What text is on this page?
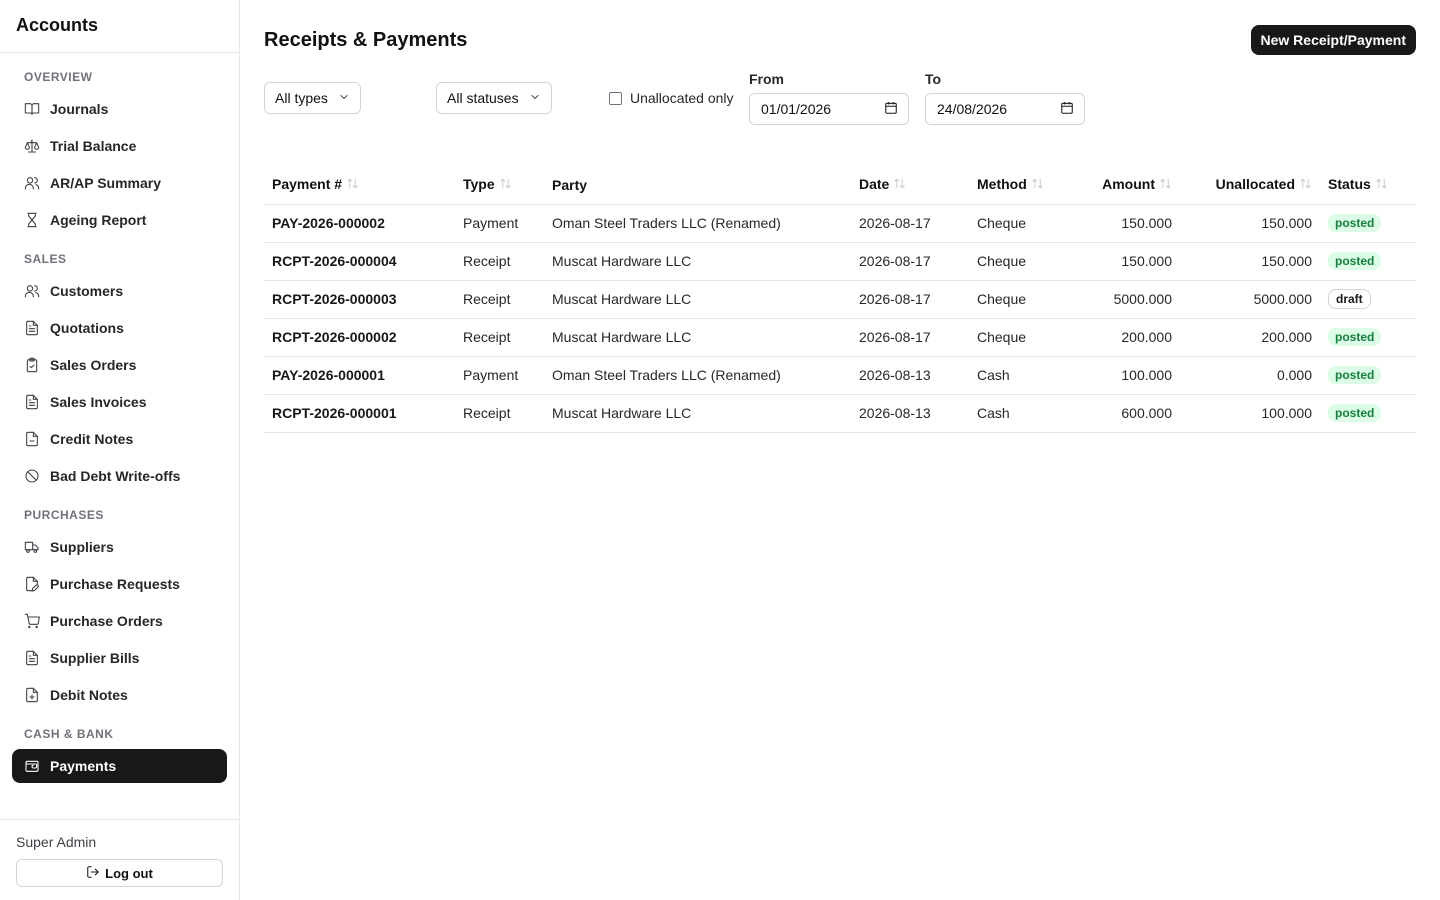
Accounts
OVERVIEW
Journals
Trial Balance
AR/AP Summary
Ageing Report
SALES
Customers
Quotations
Sales Orders
Sales Invoices
Credit Notes
Bad Debt Write-offs
PURCHASES
Suppliers
Purchase Requests
Purchase Orders
Supplier Bills
Debit Notes
CASH & BANK
Payments
Super Admin
Log out
Receipts & Payments	New Receipt/Payment
All types	All statuses	Unallocated only
From
01/01/2026
To
24/08/2026
Payment #	Type	Party	Date	Method	Amount	Unallocated	Status
PAY-2026-000002	Payment	Oman Steel Traders LLC (Renamed)	2026-08-17	Cheque	150.000	150.000	posted
RCPT-2026-000004	Receipt	Muscat Hardware LLC	2026-08-17	Cheque	150.000	150.000	posted
RCPT-2026-000003	Receipt	Muscat Hardware LLC	2026-08-17	Cheque	5000.000	5000.000	draft
RCPT-2026-000002	Receipt	Muscat Hardware LLC	2026-08-17	Cheque	200.000	200.000	posted
PAY-2026-000001	Payment	Oman Steel Traders LLC (Renamed)	2026-08-13	Cash	100.000	0.000	posted
RCPT-2026-000001	Receipt	Muscat Hardware LLC	2026-08-13	Cash	600.000	100.000	posted
